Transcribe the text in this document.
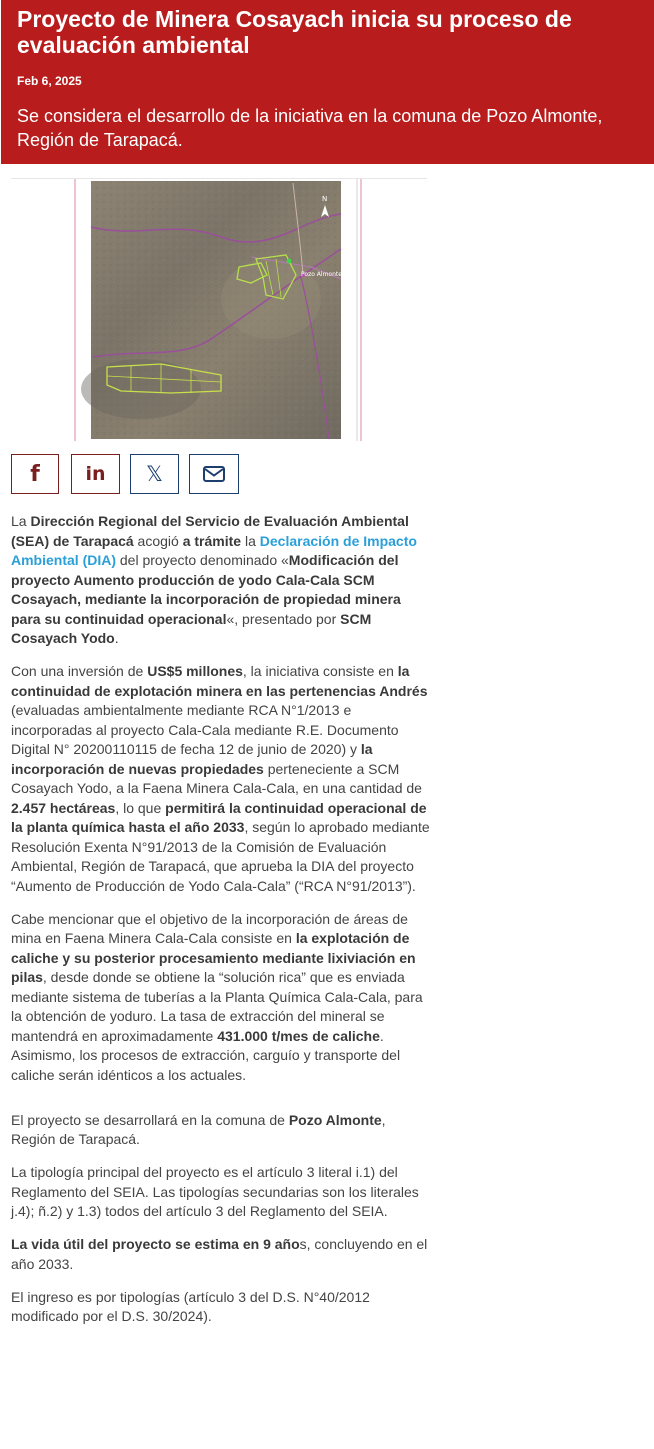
Proyecto de Minera Cosayach inicia su proceso de evaluación ambiental
Feb 6, 2025
Se considera el desarrollo de la iniciativa en la comuna de Pozo Almonte, Región de Tarapacá.
Pozo Almonte
N
f in 𝕏

La Dirección Regional del Servicio de Evaluación Ambiental (SEA) de Tarapacá acogió a trámite la Declaración de Impacto Ambiental (DIA) del proyecto denominado «Modificación del proyecto Aumento producción de yodo Cala-Cala SCM Cosayach, mediante la incorporación de propiedad minera para su continuidad operacional«, presentado por SCM Cosayach Yodo.

Con una inversión de US$5 millones, la iniciativa consiste en la continuidad de explotación minera en las pertenencias Andrés (evaluadas ambientalmente mediante RCA N°1/2013 e incorporadas al proyecto Cala-Cala mediante R.E. Documento Digital N° 20200110115 de fecha 12 de junio de 2020) y la incorporación de nuevas propiedades perteneciente a SCM Cosayach Yodo, a la Faena Minera Cala-Cala, en una cantidad de 2.457 hectáreas, lo que permitirá la continuidad operacional de la planta química hasta el año 2033, según lo aprobado mediante Resolución Exenta N°91/2013 de la Comisión de Evaluación Ambiental, Región de Tarapacá, que aprueba la DIA del proyecto “Aumento de Producción de Yodo Cala-Cala” (“RCA N°91/2013”).

Cabe mencionar que el objetivo de la incorporación de áreas de mina en Faena Minera Cala-Cala consiste en la explotación de caliche y su posterior procesamiento mediante lixiviación en pilas, desde donde se obtiene la “solución rica” que es enviada mediante sistema de tuberías a la Planta Química Cala-Cala, para la obtención de yoduro. La tasa de extracción del mineral se mantendrá en aproximadamente 431.000 t/mes de caliche. Asimismo, los procesos de extracción, carguío y transporte del caliche serán idénticos a los actuales.

El proyecto se desarrollará en la comuna de Pozo Almonte, Región de Tarapacá.

La tipología principal del proyecto es el artículo 3 literal i.1) del Reglamento del SEIA. Las tipologías secundarias son los literales j.4); ñ.2) y 1.3) todos del artículo 3 del Reglamento del SEIA.

La vida útil del proyecto se estima en 9 años, concluyendo en el año 2033.

El ingreso es por tipologías (artículo 3 del D.S. N°40/2012 modificado por el D.S. 30/2024).
